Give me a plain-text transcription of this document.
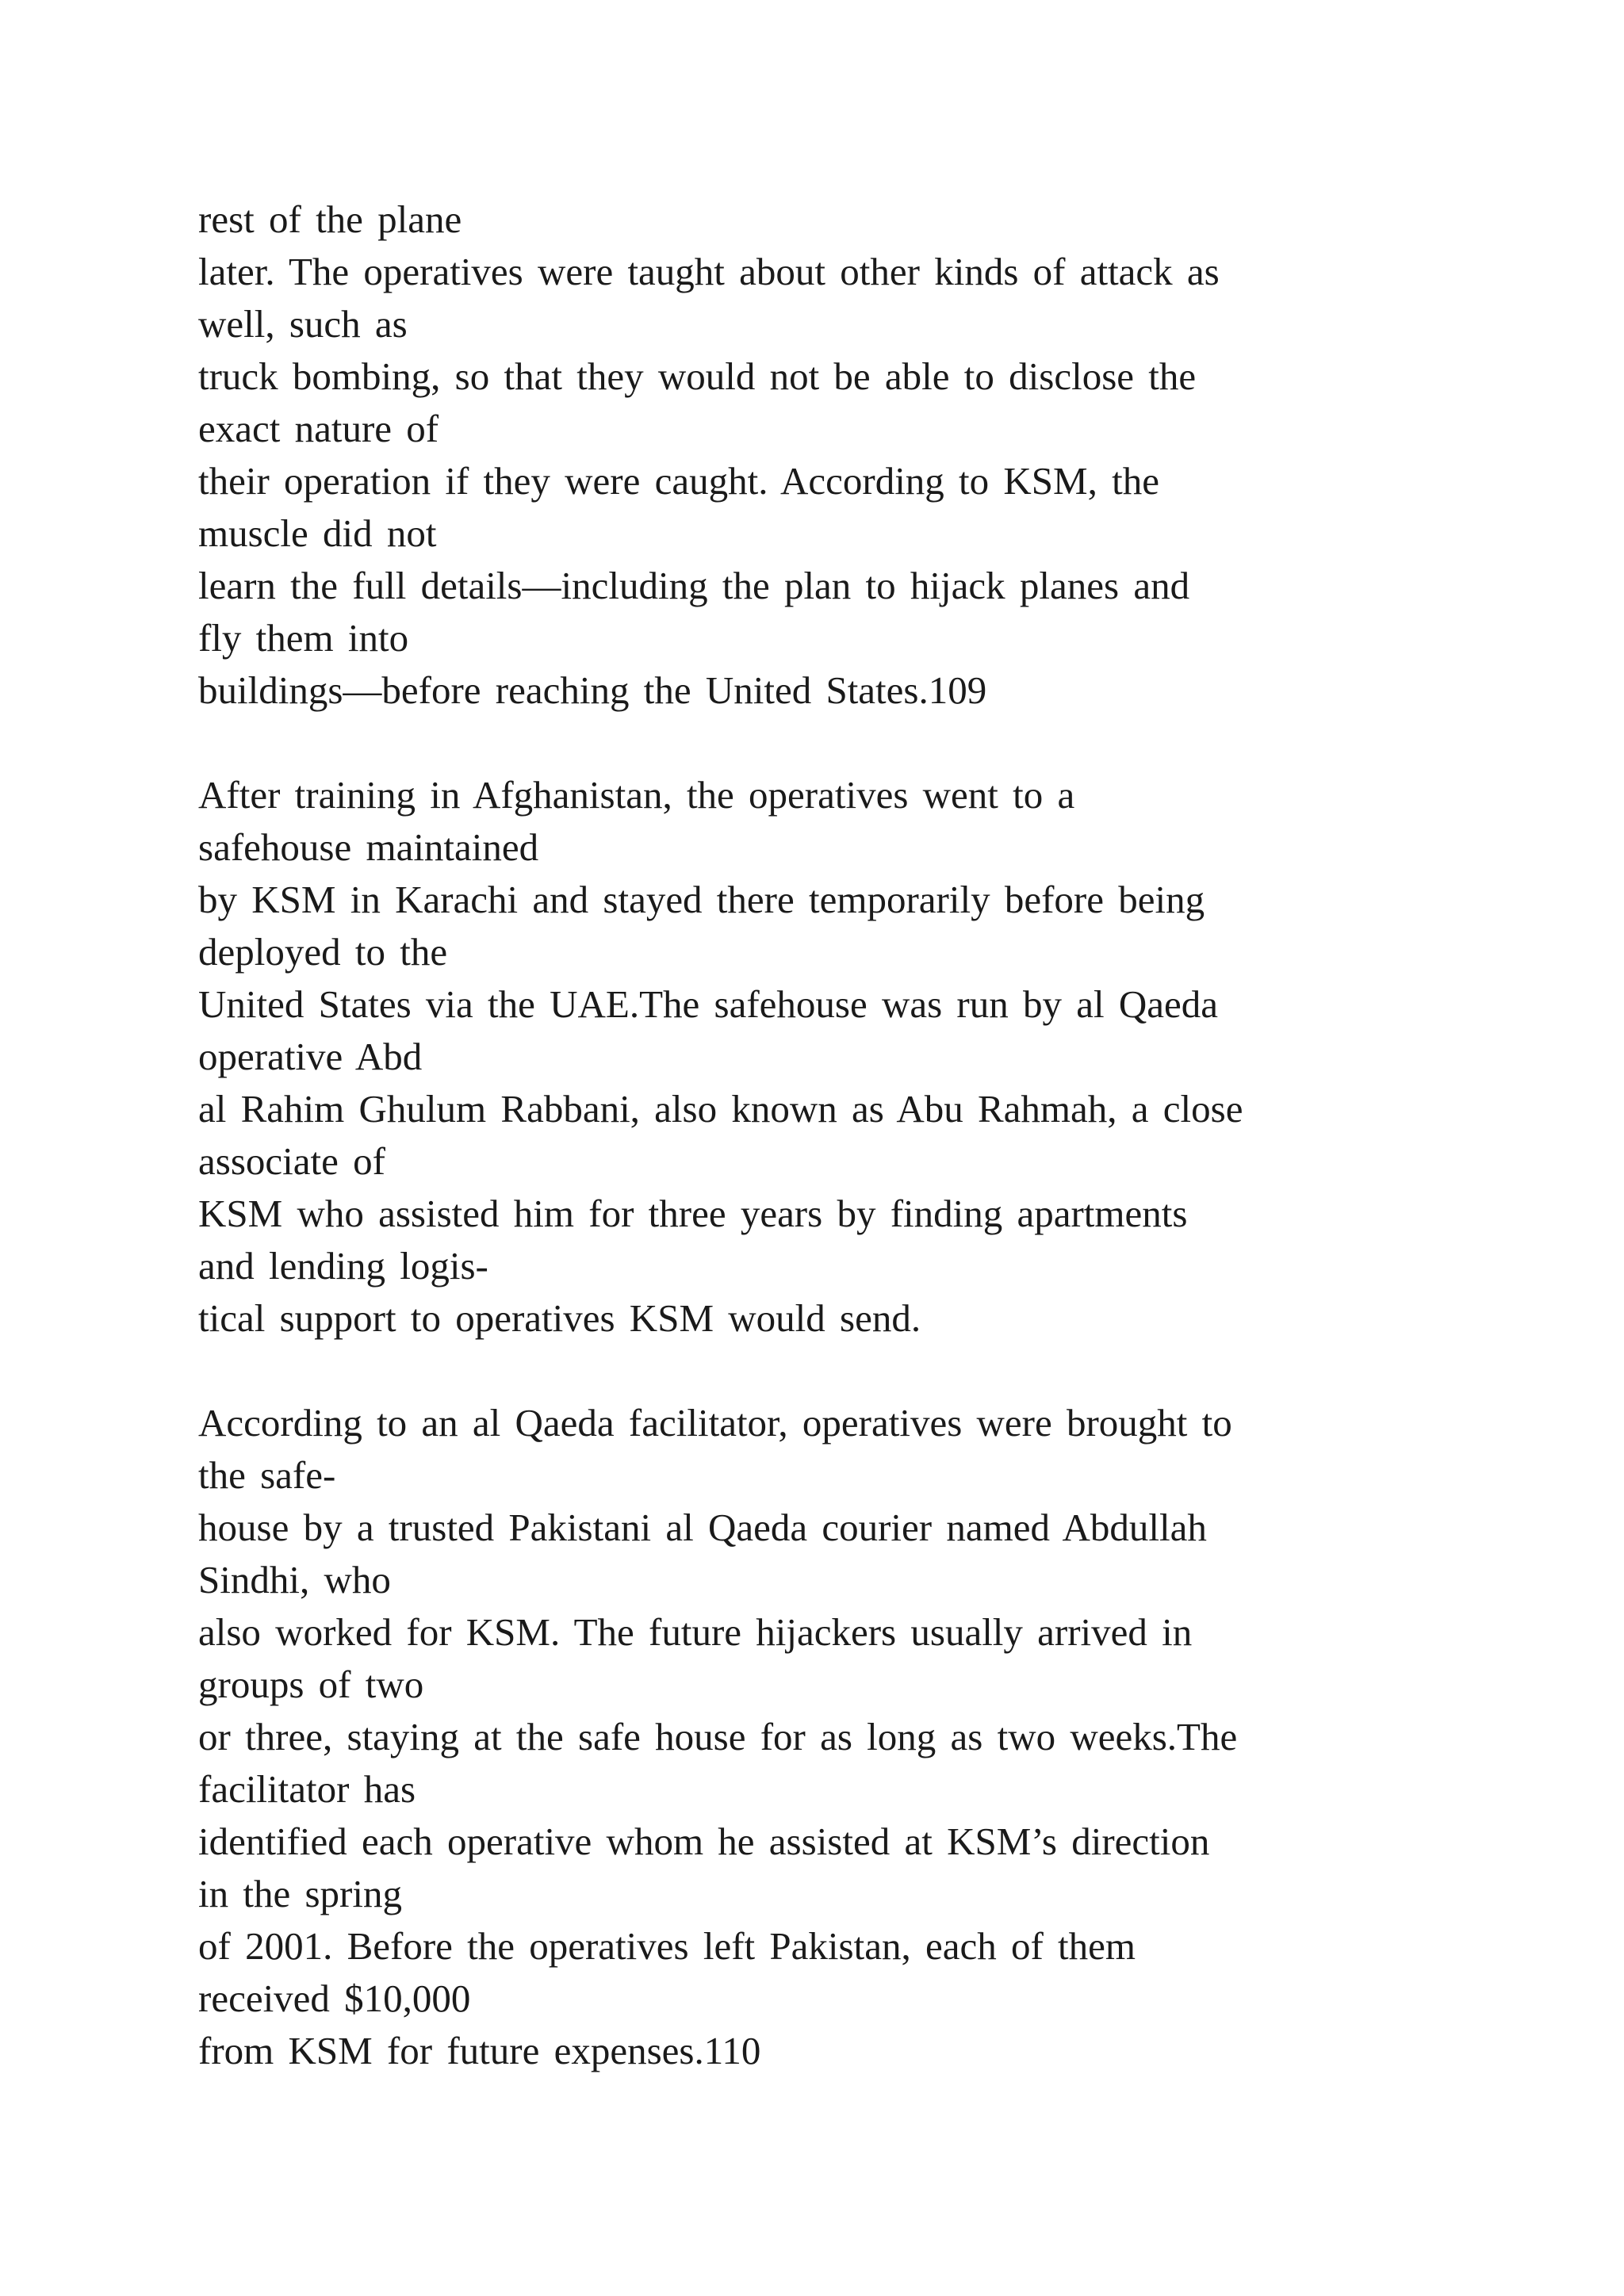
rest of the plane
later. The operatives were taught about other kinds of attack as
well, such as
truck bombing, so that they would not be able to disclose the
exact nature of
their operation if they were caught. According to KSM, the
muscle did not
learn the full details—including the plan to hijack planes and
fly them into
buildings—before reaching the United States.109
After training in Afghanistan, the operatives went to a
safehouse maintained
by KSM in Karachi and stayed there temporarily before being
deployed to the
United States via the UAE.The safehouse was run by al Qaeda
operative Abd
al Rahim Ghulum Rabbani, also known as Abu Rahmah, a close
associate of
KSM who assisted him for three years by finding apartments
and lending logis-
tical support to operatives KSM would send.
According to an al Qaeda facilitator, operatives were brought to
the safe-
house by a trusted Pakistani al Qaeda courier named Abdullah
Sindhi, who
also worked for KSM. The future hijackers usually arrived in
groups of two
or three, staying at the safe house for as long as two weeks.The
facilitator has
identified each operative whom he assisted at KSM’s direction
in the spring
of 2001. Before the operatives left Pakistan, each of them
received $10,000
from KSM for future expenses.110
